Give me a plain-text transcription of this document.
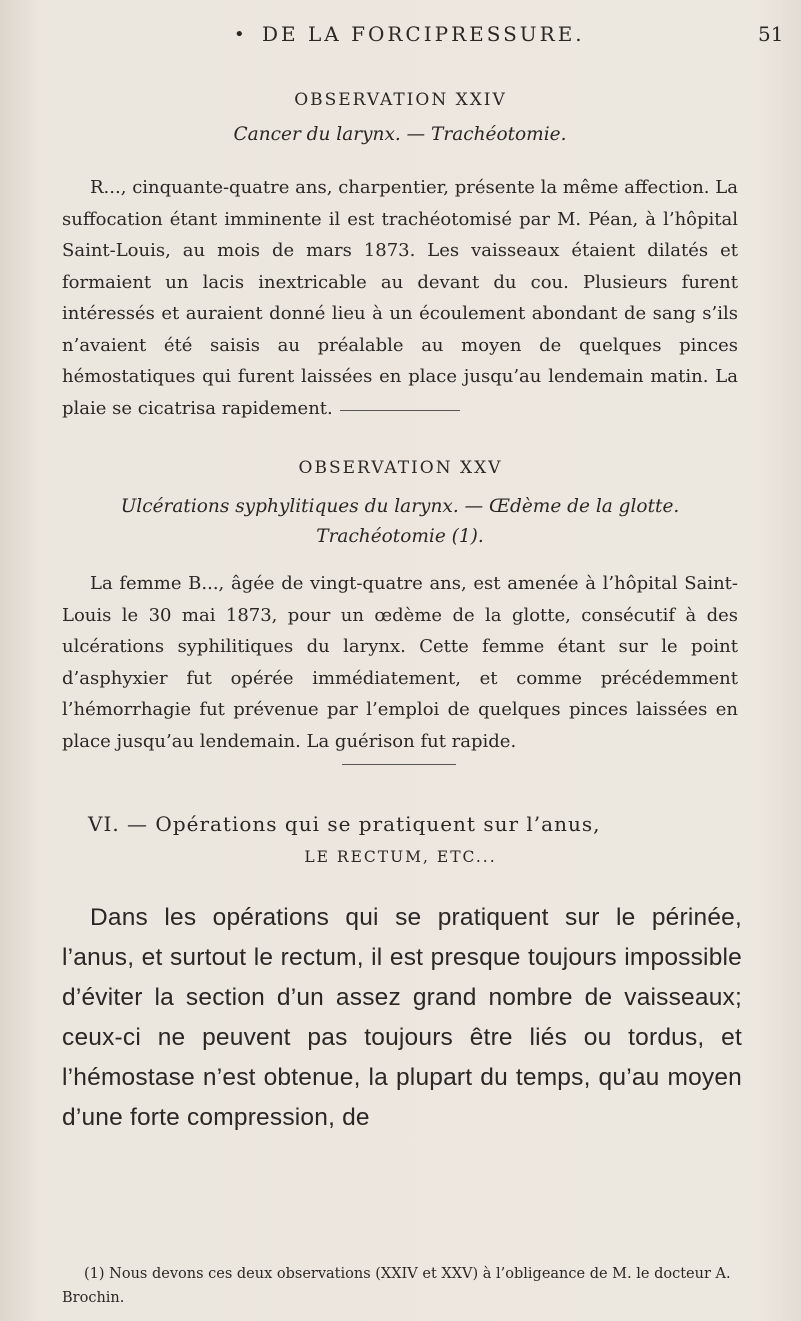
• DE LA FORCIPRESSURE.	51
OBSERVATION XXIV
Cancer du larynx. — Trachéotomie.
R..., cinquante-quatre ans, charpentier, présente la même affection. La suffocation étant imminente il est trachéotomisé par M. Péan, à l’hôpital Saint-Louis, au mois de mars 1873. Les vaisseaux étaient dilatés et formaient un lacis inextricable au devant du cou. Plusieurs furent intéressés et auraient donné lieu à un écoulement abondant de sang s’ils n’avaient été saisis au préalable au moyen de quelques pinces hémostatiques qui furent laissées en place jusqu’au lendemain matin. La plaie se cicatrisa rapidement.
OBSERVATION XXV
Ulcérations syphylitiques du larynx. — Œdème de la glotte.
Trachéotomie (1).
La femme B..., âgée de vingt-quatre ans, est amenée à l’hôpital Saint-Louis le 30 mai 1873, pour un œdème de la glotte, consécutif à des ulcérations syphilitiques du larynx. Cette femme étant sur le point d’asphyxier fut opérée immédiatement, et comme précédemment l’hémorrhagie fut prévenue par l’emploi de quelques pinces laissées en place jusqu’au lendemain. La guérison fut rapide.
VI. — Opérations qui se pratiquent sur l’anus,
LE RECTUM, ETC...
Dans les opérations qui se pratiquent sur le périnée, l’anus, et surtout le rectum, il est presque toujours impossible d’éviter la section d’un assez grand nombre de vaisseaux; ceux-ci ne peuvent pas toujours être liés ou tordus, et l’hémostase n’est obtenue, la plupart du temps, qu’au moyen d’une forte compression, de
(1) Nous devons ces deux observations (XXIV et XXV) à l’obligeance de M. le docteur A. Brochin.
